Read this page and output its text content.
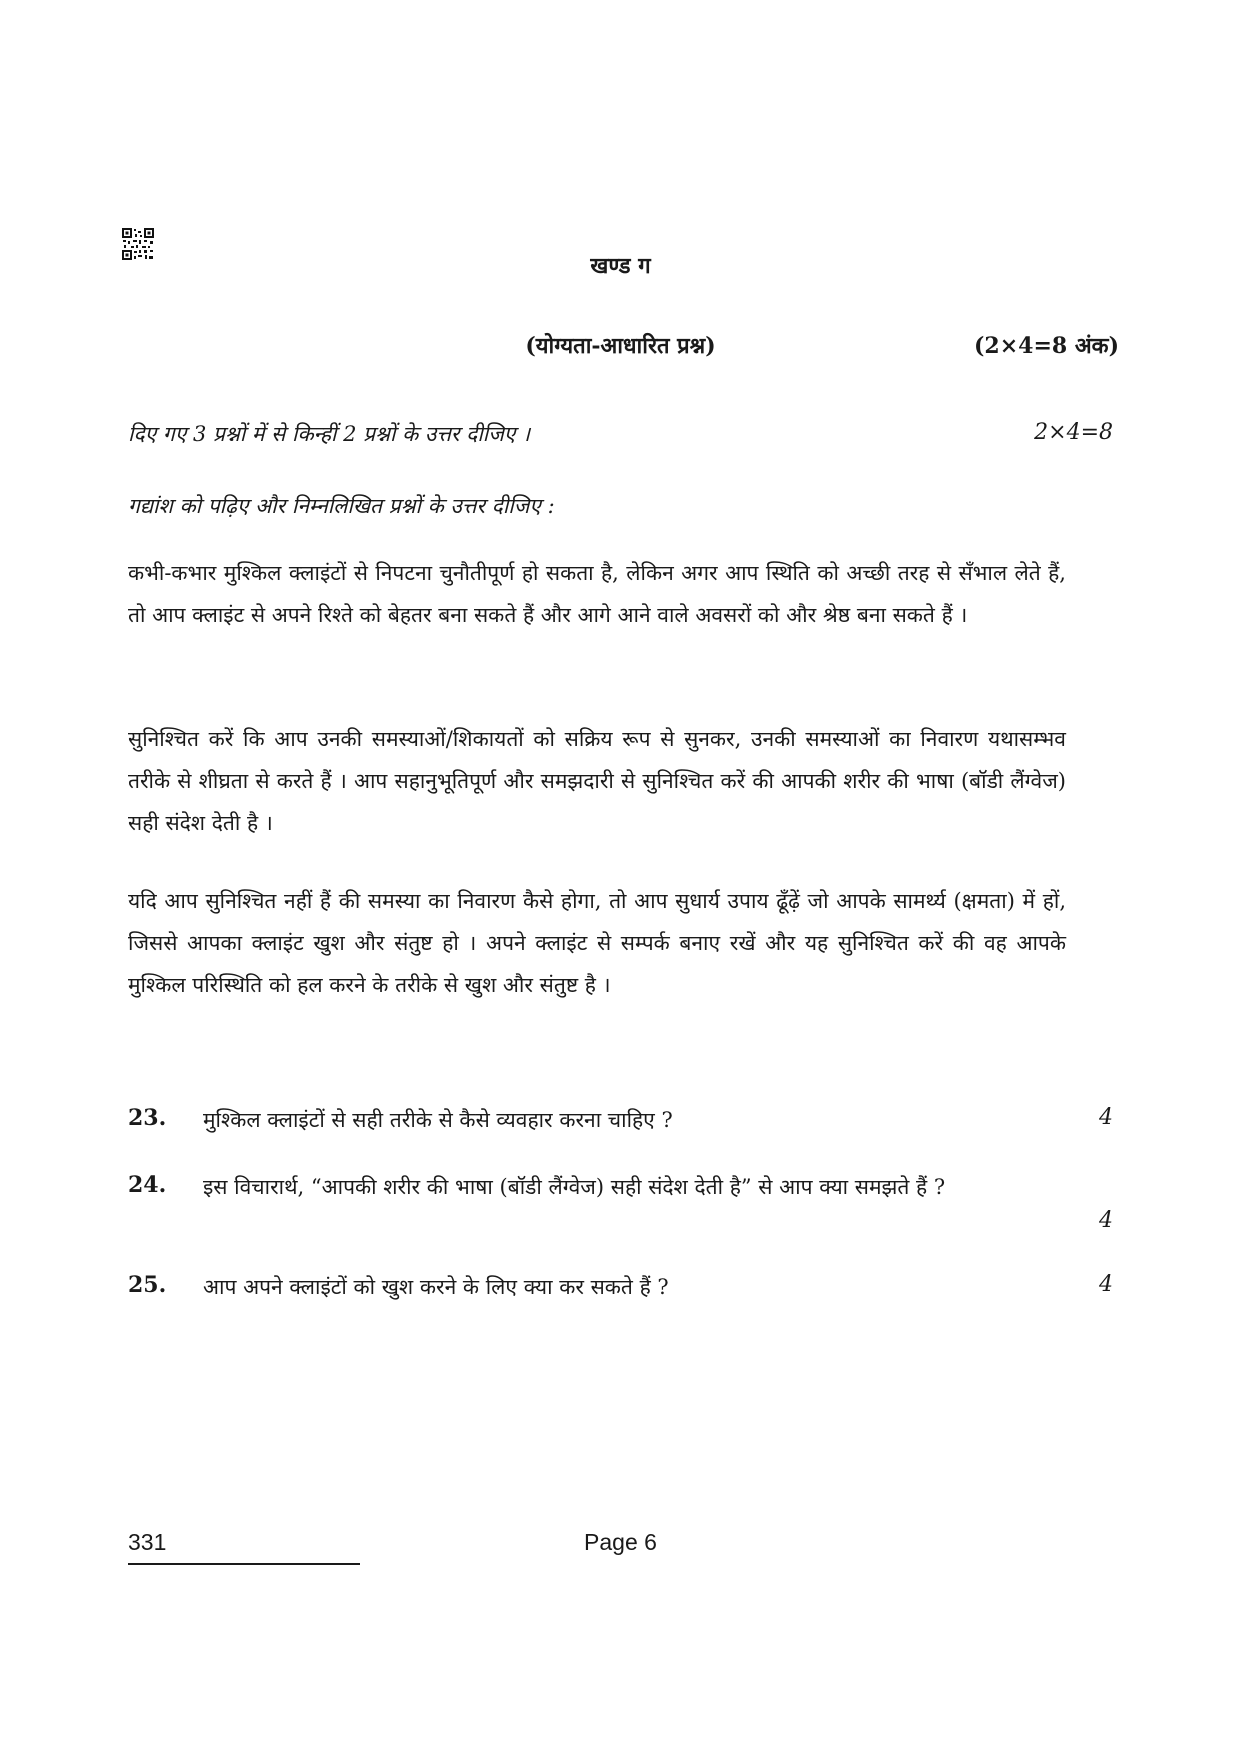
खण्ड ग
(योग्यता-आधारित प्रश्न)	(2×4=8 अंक)
दिए गए 3 प्रश्नों में से किन्हीं 2 प्रश्नों के उत्तर दीजिए ।	2×4=8
गद्यांश को पढ़िए और निम्नलिखित प्रश्नों के उत्तर दीजिए :

कभी-कभार मुश्किल क्लाइंटों से निपटना चुनौतीपूर्ण हो सकता है, लेकिन अगर आप स्थिति को अच्छी तरह से सँभाल लेते हैं, तो आप क्लाइंट से अपने रिश्ते को बेहतर बना सकते हैं और आगे आने वाले अवसरों को और श्रेष्ठ बना सकते हैं ।

सुनिश्चित करें कि आप उनकी समस्याओं/शिकायतों को सक्रिय रूप से सुनकर, उनकी समस्याओं का निवारण यथासम्भव तरीके से शीघ्रता से करते हैं । आप सहानुभूतिपूर्ण और समझदारी से सुनिश्चित करें की आपकी शरीर की भाषा (बॉडी लैंग्वेज) सही संदेश देती है ।

यदि आप सुनिश्चित नहीं हैं की समस्या का निवारण कैसे होगा, तो आप सुधार्य उपाय ढूँढ़ें जो आपके सामर्थ्य (क्षमता) में हों, जिससे आपका क्लाइंट खुश और संतुष्ट हो । अपने क्लाइंट से सम्पर्क बनाए रखें और यह सुनिश्चित करें की वह आपके मुश्किल परिस्थिति को हल करने के तरीके से खुश और संतुष्ट है ।

23. मुश्किल क्लाइंटों से सही तरीके से कैसे व्यवहार करना चाहिए ?	4
24. इस विचारार्थ, “आपकी शरीर की भाषा (बॉडी लैंग्वेज) सही संदेश देती है” से आप क्या समझते हैं ?
4
25. आप अपने क्लाइंटों को खुश करने के लिए क्या कर सकते हैं ?	4
331	Page 6
